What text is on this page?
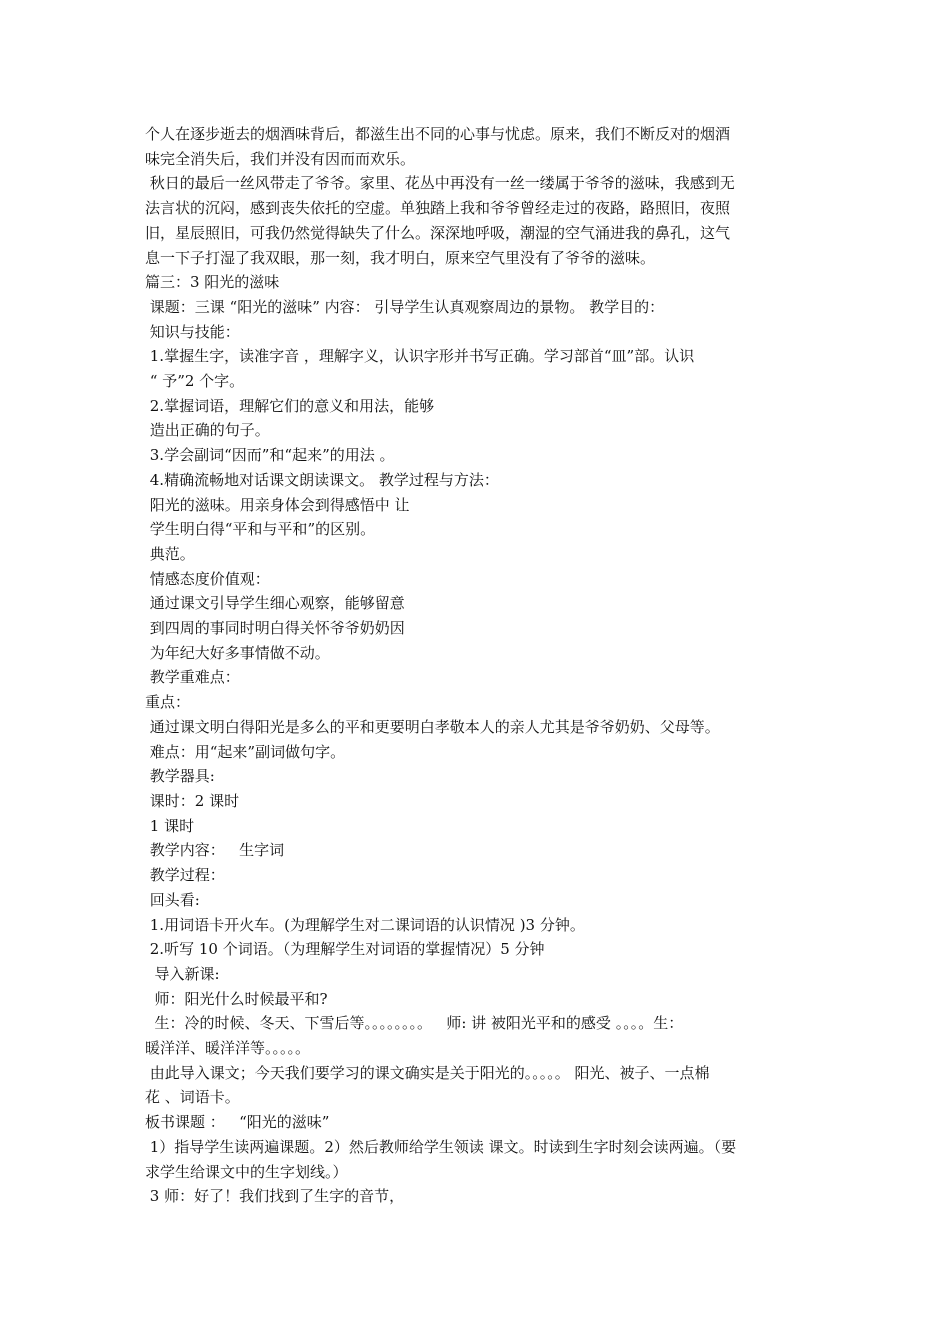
个人在逐步逝去的烟酒味背后，都滋生出不同的心事与忧虑。原来，我们不断反对的烟酒

味完全消失后，我们并没有因而而欢乐。

秋日的最后一丝风带走了爷爷。家里、花丛中再没有一丝一缕属于爷爷的滋味，我感到无

法言状的沉闷，感到丧失依托的空虚。单独踏上我和爷爷曾经走过的夜路，路照旧，夜照

旧，星辰照旧，可我仍然觉得缺失了什么。深深地呼吸，潮湿的空气涌进我的鼻孔，这气

息一下子打湿了我双眼，那一刻，我才明白，原来空气里没有了爷爷的滋味。

篇三：3 阳光的滋味

课题：三课 “阳光的滋味” 内容： 引导学生认真观察周边的景物。 教学目的：

知识与技能：

1.掌握生字，读准字音 ，理解字义，认识字形并书写正确。学习部首“皿”部。认识

“ 予”2 个字。

2.掌握词语，理解它们的意义和用法，能够

造出正确的句子。

3.学会副词“因而”和“起来”的用法 。

4.精确流畅地对话课文朗读课文。 教学过程与方法：

阳光的滋味。用亲身体会到得感悟中 让

学生明白得“平和与平和”的区别。

典范。

情感态度价值观：

通过课文引导学生细心观察，能够留意

到四周的事同时明白得关怀爷爷奶奶因

为年纪大好多事情做不动。

教学重难点：

重点：

通过课文明白得阳光是多么的平和更要明白孝敬本人的亲人尤其是爷爷奶奶、父母等。

难点：用“起来”副词做句字。

教学器具:

课时：2 课时

1 课时

教学内容：   生字词

教学过程：

回头看:

1.用词语卡开火车。(为理解学生对二课词语的认识情况 )3 分钟。

2.听写 10 个词语。（为理解学生对词语的掌握情况）5 分钟

导入新课:

师：阳光什么时候最平和?

生：冷的时候、冬天、下雪后等。。。。。。。。   师: 讲 被阳光平和的感受 。。。。生：

暖洋洋、暖洋洋等。。。。。

由此导入课文；今天我们要学习的课文确实是关于阳光的。。。。。 阳光、被子、一点棉

花 、词语卡。

板书课题 ：   “阳光的滋味”

1）指导学生读两遍课题。2）然后教师给学生领读 课文。时读到生字时刻会读两遍。（要

求学生给课文中的生字划线。）

3 师：好了！我们找到了生字的音节，
